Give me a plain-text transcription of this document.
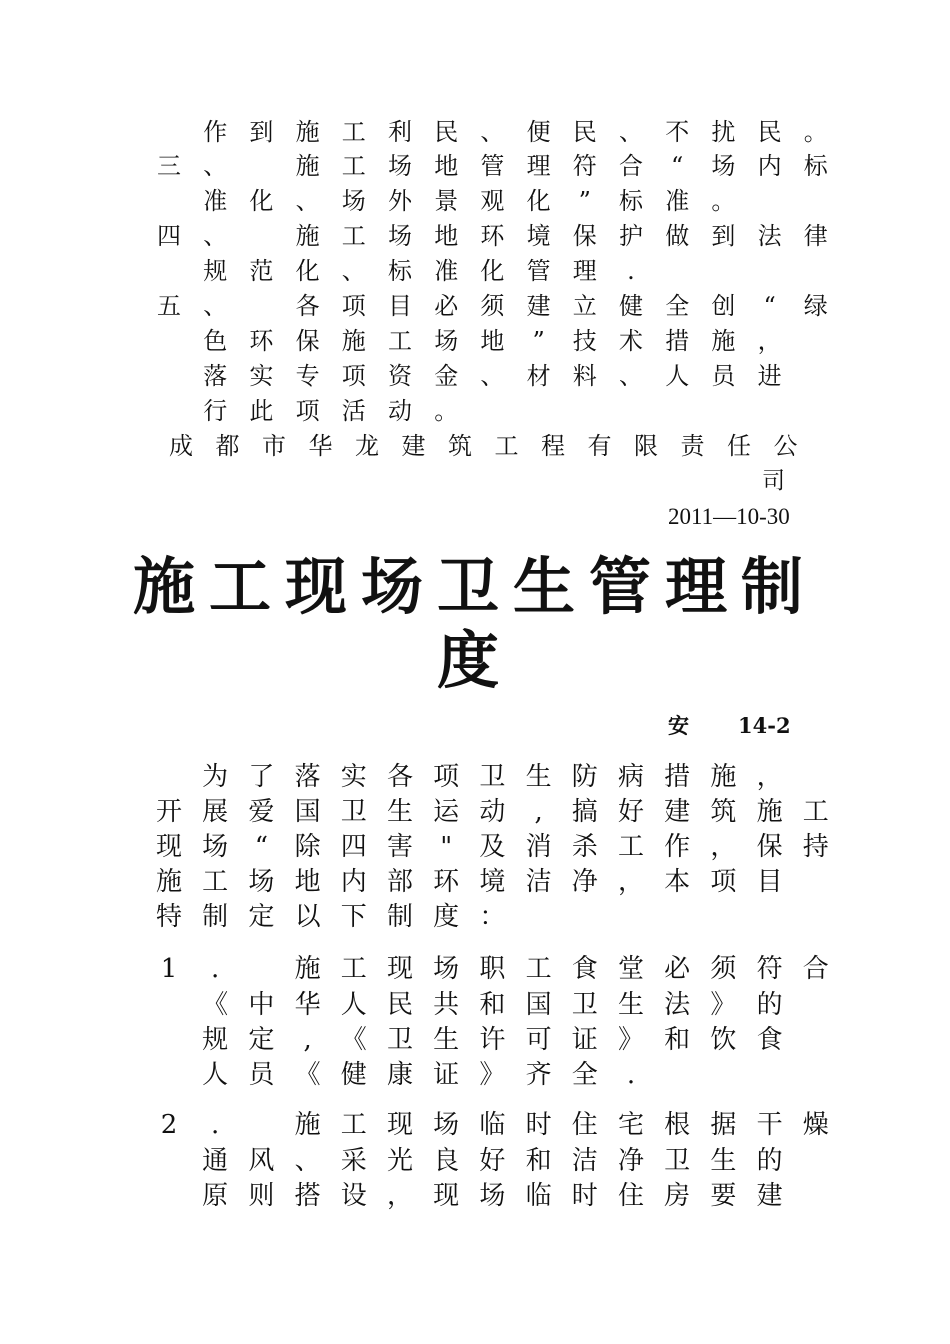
作 到 施 工 利 民 、 便 民 、 不 扰 民 。
三 、
　	施 工 场 地 管 理 符 合	“	场 内 标

准 化 、 场 外 景 观 化	”	标 准 。
四 、
　	施 工 场 地 环 境 保 护 做 到 法 律

规 范 化 、 标 准 化 管 理	.
五 、
　	各 项 目 必 须 建 立 健 全 创	“	绿

色 环 保 施 工 场 地	”	技 术 措 施 ，

落 实 专 项 资 金 、 材 料 、 人 员 进

行 此 项 活 动 。
成 都 市 华 龙 建 筑 工 程 有 限 责 任 公
司
2011—10-30
施工现场卫生管理制
度
安 14-2

为 了 落 实 各 项 卫 生 防 病 措 施 ，
开 展 爱 国 卫 生 运 动	,	搞 好 建 筑 施 工
现 场	“	除 四 害	"	及 消 杀 工 作 ， 保 持
施 工 场 地 内 部 环 境 洁 净 ， 本 项 目
特 制 定 以 下 制 度 ：
1	.
　	施 工 现 场 职 工 食 堂 必 须 符 合

《 中 华 人 民 共 和 国 卫 生 法 》 的

规 定	,	《 卫 生 许 可 证 》 和 饮 食

人 员 《 健 康 证 》 齐 全	.
2	.
　	施 工 现 场 临 时 住 宅 根 据 干 燥

通 风 、 采 光 良 好 和 洁 净 卫 生 的

原 则 搭 设 ， 现 场 临 时 住 房 要 建
